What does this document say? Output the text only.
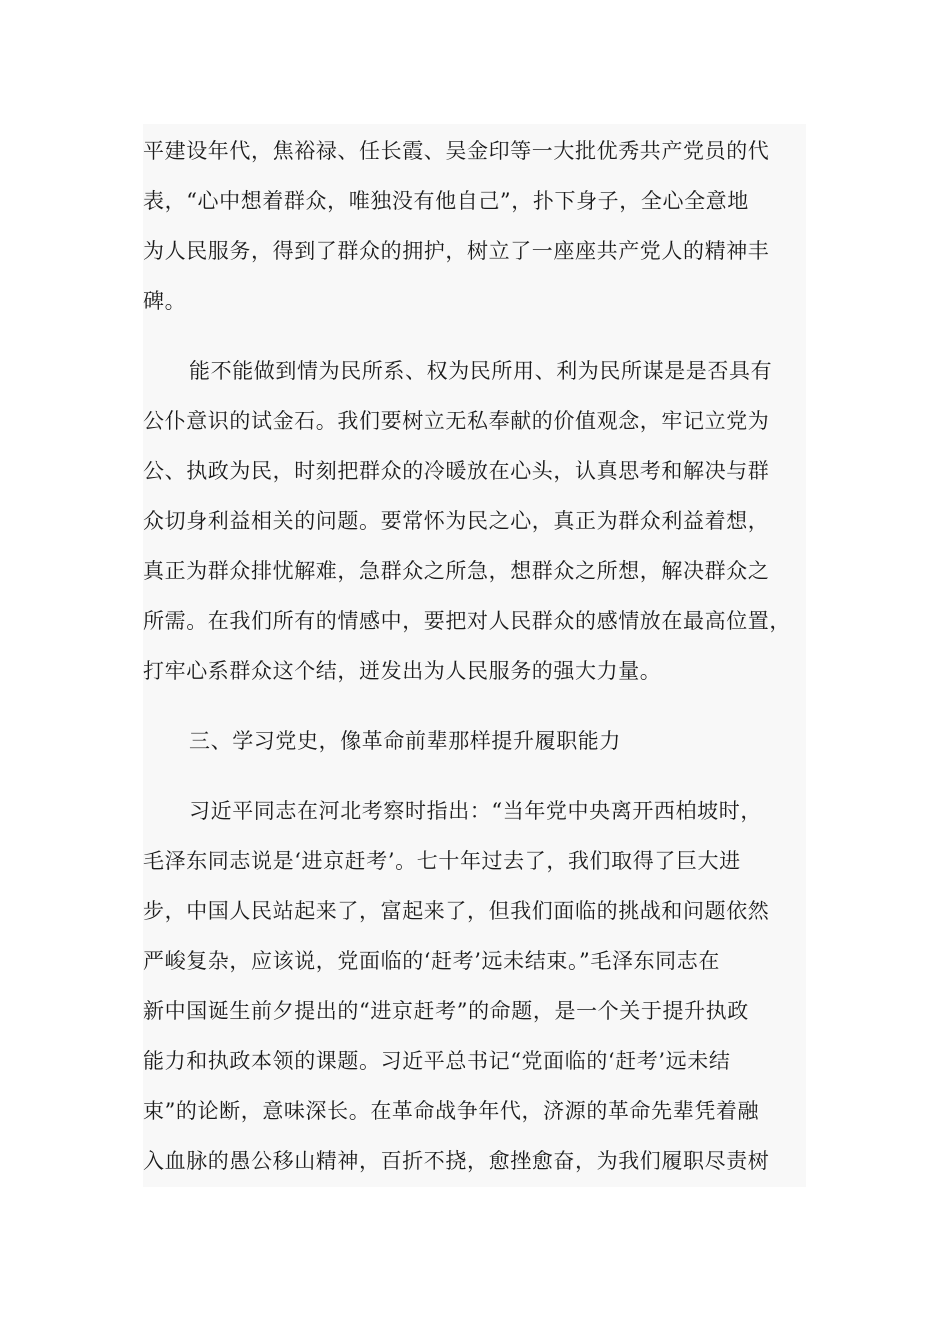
平建设年代，焦裕禄、任长霞、吴金印等一大批优秀共产党员的代
表，“心中想着群众，唯独没有他自己”，扑下身子，全心全意地
为人民服务，得到了群众的拥护，树立了一座座共产党人的精神丰
碑。
能不能做到情为民所系、权为民所用、利为民所谋是是否具有
公仆意识的试金石。我们要树立无私奉献的价值观念，牢记立党为
公、执政为民，时刻把群众的冷暖放在心头，认真思考和解决与群
众切身利益相关的问题。要常怀为民之心，真正为群众利益着想，
真正为群众排忧解难，急群众之所急，想群众之所想，解决群众之
所需。在我们所有的情感中，要把对人民群众的感情放在最高位置，
打牢心系群众这个结，迸发出为人民服务的强大力量。
三、学习党史，像革命前辈那样提升履职能力
习近平同志在河北考察时指出：“当年党中央离开西柏坡时，
毛泽东同志说是‘进京赶考’。七十年过去了，我们取得了巨大进
步，中国人民站起来了，富起来了，但我们面临的挑战和问题依然
严峻复杂，应该说，党面临的‘赶考’远未结束。”毛泽东同志在
新中国诞生前夕提出的“进京赶考”的命题，是一个关于提升执政
能力和执政本领的课题。习近平总书记“党面临的‘赶考’远未结
束”的论断，意味深长。在革命战争年代，济源的革命先辈凭着融
入血脉的愚公移山精神，百折不挠，愈挫愈奋，为我们履职尽责树
